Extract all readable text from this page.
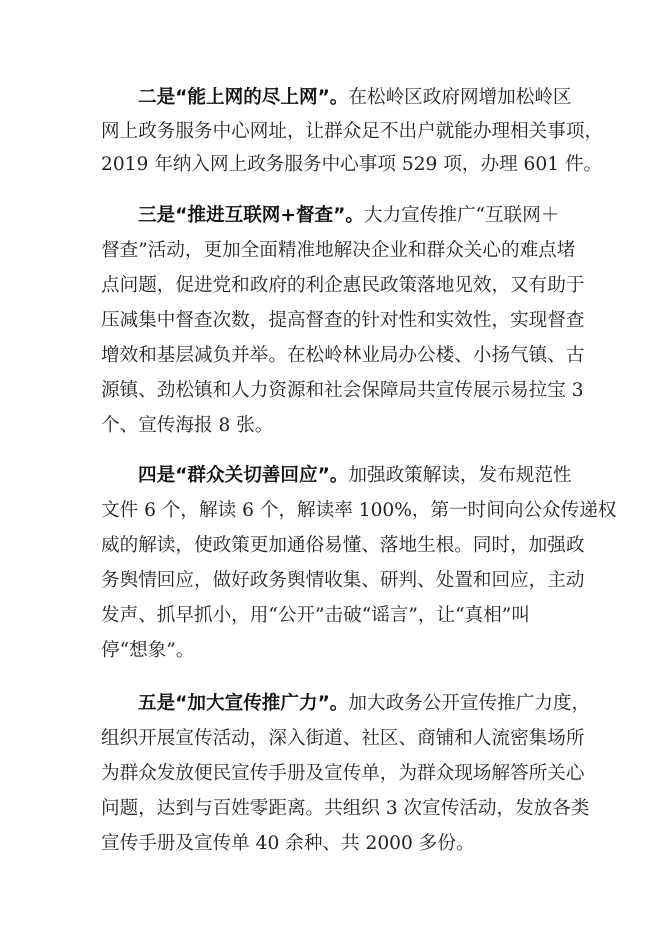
二是“能上网的尽上网”。在松岭区政府网增加松岭区
网上政务服务中心网址，让群众足不出户就能办理相关事项，
2019 年纳入网上政务服务中心事项 529 项，办理 601 件。
三是“推进互联网+督查”。大力宣传推广“互联网＋
督查”活动，更加全面精准地解决企业和群众关心的难点堵
点问题，促进党和政府的利企惠民政策落地见效，又有助于
压减集中督查次数，提高督查的针对性和实效性，实现督查
增效和基层减负并举。在松岭林业局办公楼、小扬气镇、古
源镇、劲松镇和人力资源和社会保障局共宣传展示易拉宝 3
个、宣传海报 8 张。
四是“群众关切善回应”。加强政策解读，发布规范性
文件 6 个，解读 6 个，解读率 100%，第一时间向公众传递权
威的解读，使政策更加通俗易懂、落地生根。同时，加强政
务舆情回应，做好政务舆情收集、研判、处置和回应，主动
发声、抓早抓小，用“公开”击破“谣言”，让“真相”叫
停“想象”。
五是“加大宣传推广力”。加大政务公开宣传推广力度，
组织开展宣传活动，深入街道、社区、商铺和人流密集场所
为群众发放便民宣传手册及宣传单，为群众现场解答所关心
问题，达到与百姓零距离。共组织 3 次宣传活动，发放各类
宣传手册及宣传单 40 余种、共 2000 多份。
